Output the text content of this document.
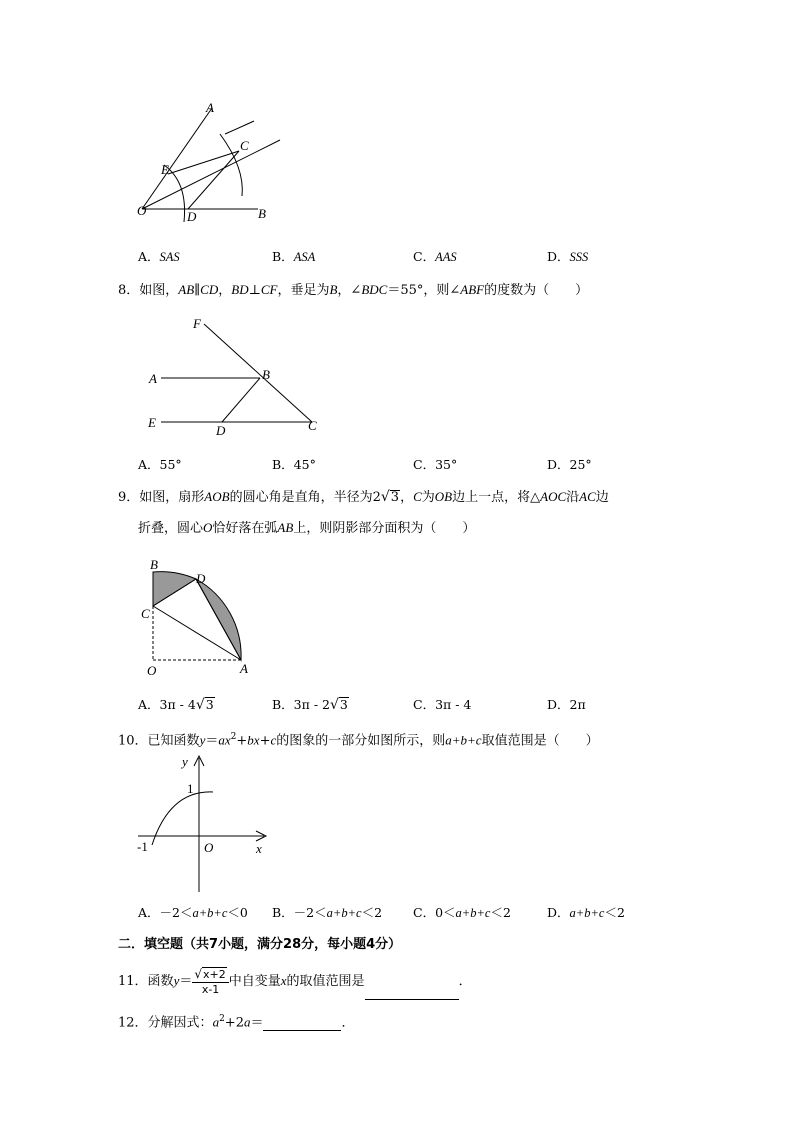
A
C
E
O	D	B
A．SAS	B．ASA	C．AAS	D．SSS
8．如图，AB∥CD，BD⊥CF，垂足为B，∠BDC＝55°，则∠ABF的度数为（　　）
F
A	B
E
D	C
A．55°	B．45°	C．35°	D．25°
9．如图，扇形AOB的圆心角是直角，半径为2√3，C为OB边上一点，将△AOC沿AC边
折叠，圆心O恰好落在弧AB上，则阴影部分面积为（　　）
B
D
C
O	A
A．3π - 4√3	B．3π - 2√3	C．3π - 4	D．2π
10．已知函数$y=ax^2+bx+c$的图象的一部分如图所示，则a+b+c取值范围是（　　）
y
1
-1	O	x
A．－2＜a+b+c＜0 B．－2＜a+b+c＜2 C．0＜a+b+c＜2	D．a+b+c＜2
二．填空题（共7小题，满分28分，每小题4分）
11．函数$y= \frac{√x+2}{x-1}$ 中自变量x的取值范围是	．
12．分解因式：$a^2+2a=$	．
